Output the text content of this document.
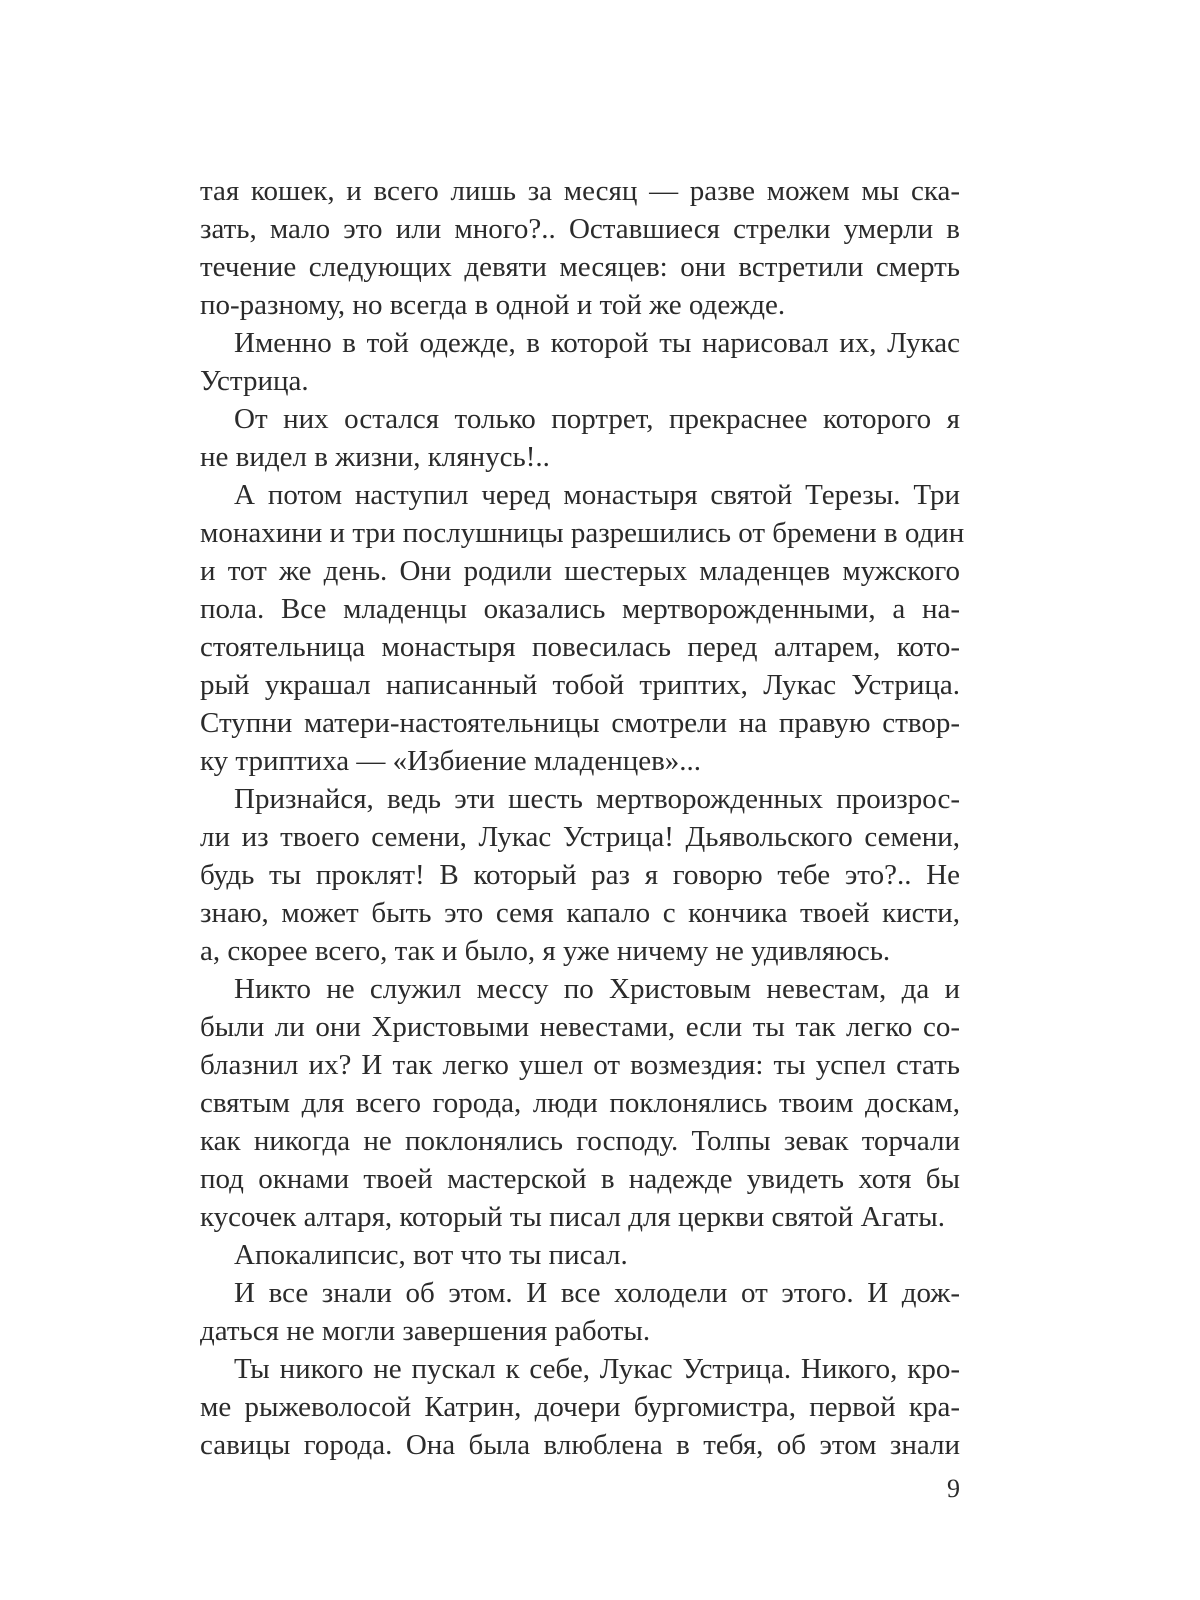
тая кошек, и всего лишь за месяц — разве можем мы ска-
зать, мало это или много?.. Оставшиеся стрелки умерли в
течение следующих девяти месяцев: они встретили смерть
по-разному, но всегда в одной и той же одежде.
Именно в той одежде, в которой ты нарисовал их, Лукас
Устрица.
От них остался только портрет, прекраснее которого я
не видел в жизни, клянусь!..
А потом наступил черед монастыря святой Терезы. Три
монахини и три послушницы разрешились от бремени в один
и тот же день. Они родили шестерых младенцев мужского
пола. Все младенцы оказались мертворожденными, а на-
стоятельница монастыря повесилась перед алтарем, кото-
рый украшал написанный тобой триптих, Лукас Устрица.
Ступни матери-настоятельницы смотрели на правую створ-
ку триптиха — «Избиение младенцев»...
Признайся, ведь эти шесть мертворожденных произрос-
ли из твоего семени, Лукас Устрица! Дьявольского семени,
будь ты проклят! В который раз я говорю тебе это?.. Не
знаю, может быть это семя капало с кончика твоей кисти,
а, скорее всего, так и было, я уже ничему не удивляюсь.
Никто не служил мессу по Христовым невестам, да и
были ли они Христовыми невестами, если ты так легко со-
блазнил их? И так легко ушел от возмездия: ты успел стать
святым для всего города, люди поклонялись твоим доскам,
как никогда не поклонялись господу. Толпы зевак торчали
под окнами твоей мастерской в надежде увидеть хотя бы
кусочек алтаря, который ты писал для церкви святой Агаты.
Апокалипсис, вот что ты писал.
И все знали об этом. И все холодели от этого. И дож-
даться не могли завершения работы.
Ты никого не пускал к себе, Лукас Устрица. Никого, кро-
ме рыжеволосой Катрин, дочери бургомистра, первой кра-
савицы города. Она была влюблена в тебя, об этом знали
9
